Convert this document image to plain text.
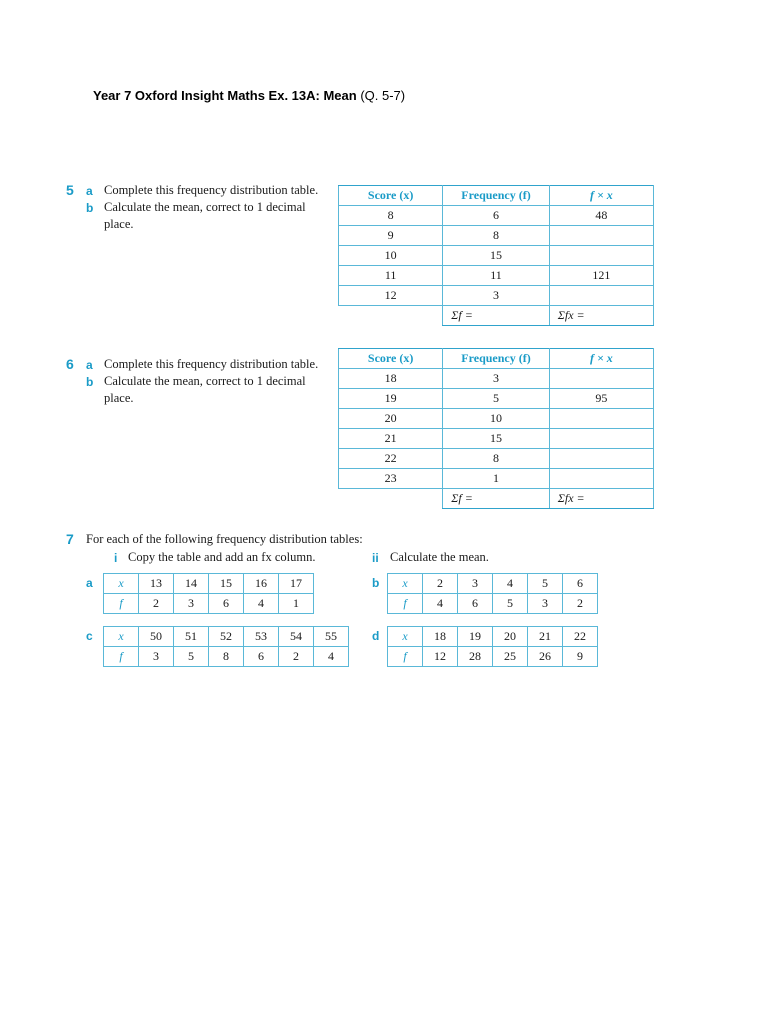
Year 7 Oxford Insight Maths Ex. 13A: Mean (Q. 5-7)
5 a Complete this frequency distribution table.
b Calculate the mean, correct to 1 decimal
place.
Score (x)	Frequency (f)	f × x
8	6	48
9	8	
10	15	
11	11	121
12	3	
	Σf =	Σfx =
6 a Complete this frequency distribution table.
b Calculate the mean, correct to 1 decimal
place.
Score (x)	Frequency (f)	f × x
18	3	
19	5	95
20	10	
21	15	
22	8	
23	1	
	Σf =	Σfx =
7 For each of the following frequency distribution tables:
i Copy the table and add an fx column.	ii Calculate the mean.
a x	13	14	15	16	17
f	2	3	6	4	1
b x	2	3	4	5	6
f	4	6	5	3	2
c x	50	51	52	53	54	55
f	3	5	8	6	2	4
d x	18	19	20	21	22
f	12	28	25	26	9
